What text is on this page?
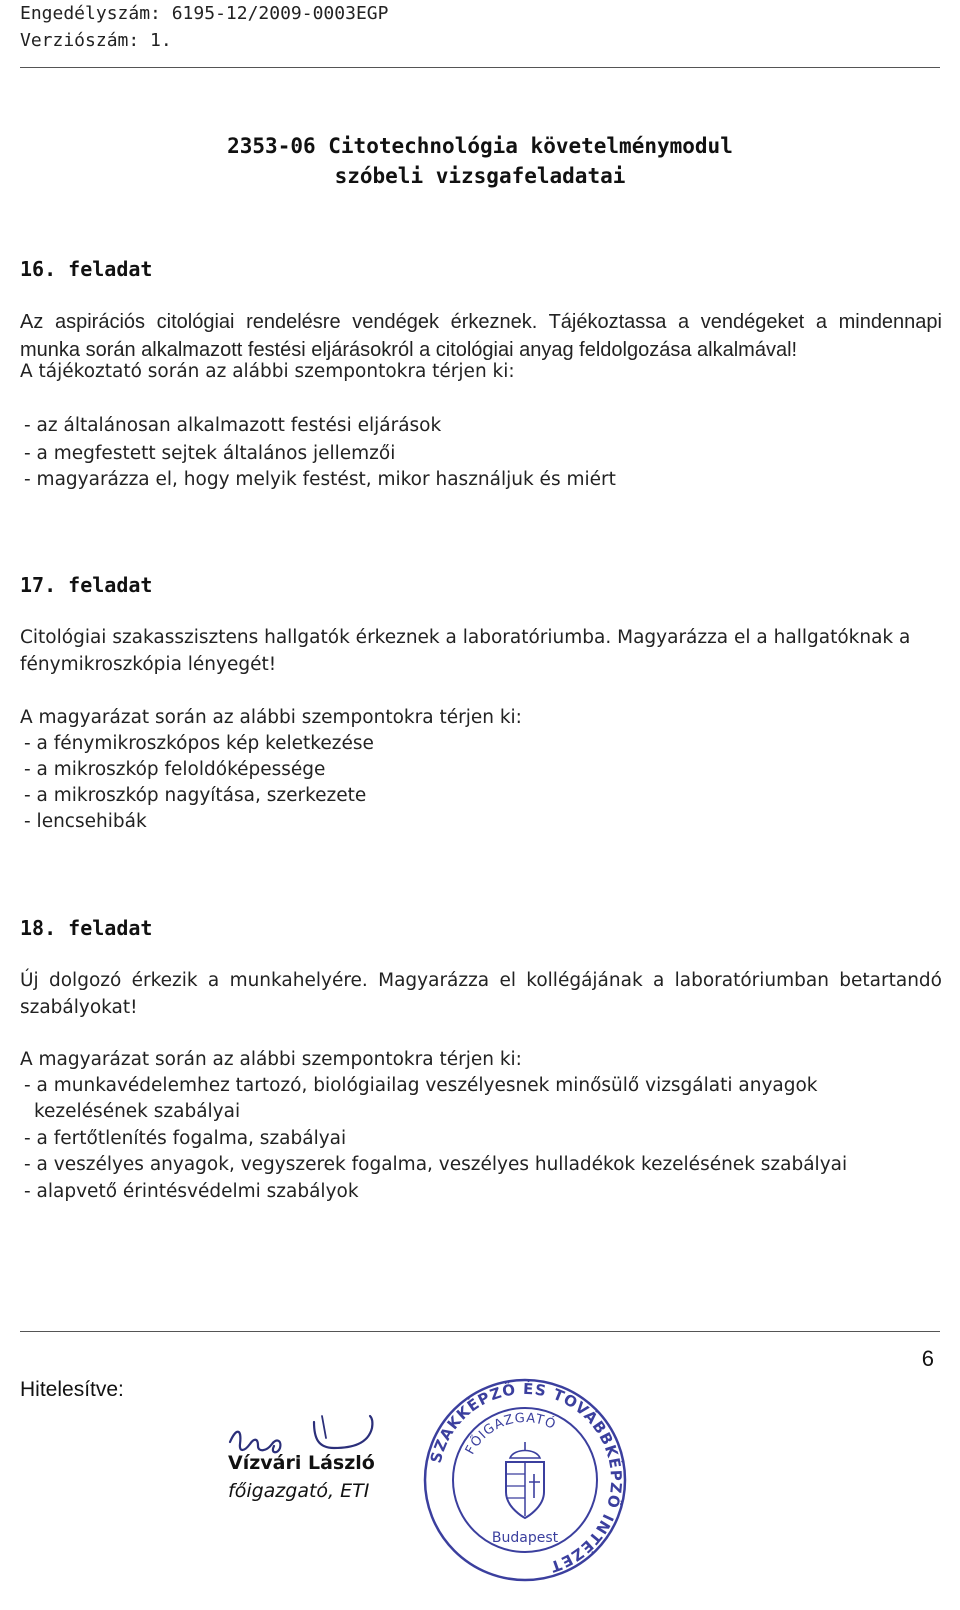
Engedélyszám: 6195-12/2009-0003EGP
Verziószám: 1.
2353-06 Citotechnológia követelménymodul
szóbeli vizsgafeladatai
16. feladat
Az aspirációs citológiai rendelésre vendégek érkeznek. Tájékoztassa a vendégeket a mindennapi munka során alkalmazott festési eljárásokról a citológiai anyag feldolgozása alkalmával!
A tájékoztató során az alábbi szempontokra térjen ki:
- az általánosan alkalmazott festési eljárások
- a megfestett sejtek általános jellemzői
- magyarázza el, hogy melyik festést, mikor használjuk és miért
17. feladat
Citológiai szakasszisztens hallgatók érkeznek a laboratóriumba. Magyarázza el a hallgatóknak a fénymikroszkópia lényegét!
A magyarázat során az alábbi szempontokra térjen ki:
- a fénymikroszkópos kép keletkezése
- a mikroszkóp feloldóképessége
- a mikroszkóp nagyítása, szerkezete
- lencsehibák
18. feladat
Új dolgozó érkezik a munkahelyére. Magyarázza el kollégájának a laboratóriumban betartandó szabályokat!
A magyarázat során az alábbi szempontokra térjen ki:
- a munkavédelemhez tartozó, biológiailag veszélyesnek minősülő vizsgálati anyagok
kezelésének szabályai
- a fertőtlenítés fogalma, szabályai
- a veszélyes anyagok, vegyszerek fogalma, veszélyes hulladékok kezelésének szabályai
- alapvető érintésvédelmi szabályok
6
Hitelesítve:
Vízvári László
főigazgató, ETI
SZAKKÉPZŐ ÉS TOVÁBBKÉPZŐ INTÉZET
FŐIGAZGATÓ
Budapest
